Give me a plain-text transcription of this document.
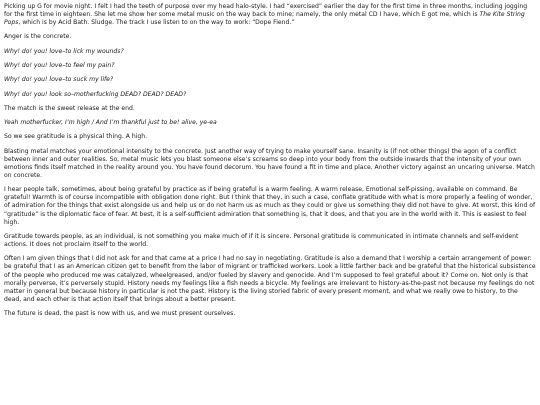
Picking up G for movie night. I felt I had the teeth of purpose over my head halo-style. I had “exercised” earlier the day for the first time in three months, including jogging for the first time in eighteen. She let me show her some metal music on the way back to mine; namely, the only metal CD I have, which E got me, which is The Kite String Pops, which is by Acid Bath. Sludge. The track I use listen to on the way to work: “Dope Fiend.”

Anger is the concrete.

Why! do! you! love–to lick my wounds?

Why! do! you! love–to feel my pain?

Why! do! you! love–to suck my life?

Why! do! you! look so–motherfucking DEAD? DEAD? DEAD?

The match is the sweet release at the end.

Yeah motherfucker, I’m high / And I’m thankful just to be! alive, ye-ea

So we see gratitude is a physical thing. A high.

Blasting metal matches your emotional intensity to the concrete. Just another way of trying to make yourself sane. Insanity is (if not other things) the agon of a conflict between inner and outer realities. So, metal music lets you blast someone else’s screams so deep into your body from the outside inwards that the intensity of your own emotions finds itself matched in the reality around you. You have found decorum. You have found a fit in time and place. Another victory against an uncaring universe. Match on concrete.

I hear people talk, sometimes, about being grateful by practice as if being grateful is a warm feeling. A warm release, Emotional self-pissing, available on command. Be grateful! Warmth is of course incompatible with obligation done right. But I think that they, in such a case, conflate gratitude with what is more properly a feeling of wonder, of admiration for the things that exist alongside us and help us or do not harm us as much as they could or give us something they did not have to give. At worst, this kind of “gratitude” is the diplomatic face of fear. At best, it is a self-sufficient admiration that something is, that it does, and that you are in the world with it. This is easiest to feel high.

Gratitude towards people, as an individual, is not something you make much of if it is sincere. Personal gratitude is communicated in intimate channels and self-evident actions. It does not proclaim itself to the world.

Often I am given things that I did not ask for and that came at a price I had no say in negotiating. Gratitude is also a demand that I worship a certain arrangement of power: be grateful that I as an American citizen get to benefit from the labor of migrant or trafficked workers. Look a little farther back and be grateful that the historical subsistence of the people who produced me was catalyzed, wheelgreased, and/or fueled by slavery and genocide. And I’m supposed to feel grateful about it? Come on. Not only is that morally perverse, it’s perversely stupid. History needs my feelings like a fish needs a bicycle. My feelings are irrelevant to history-as-the-past not because my feelings do not matter in general but because history in particular is not the past. History is the living storied fabric of every present moment, and what we really owe to history, to the dead, and each other is that action itself that brings about a better present.

The future is dead, the past is now with us, and we must present ourselves.
